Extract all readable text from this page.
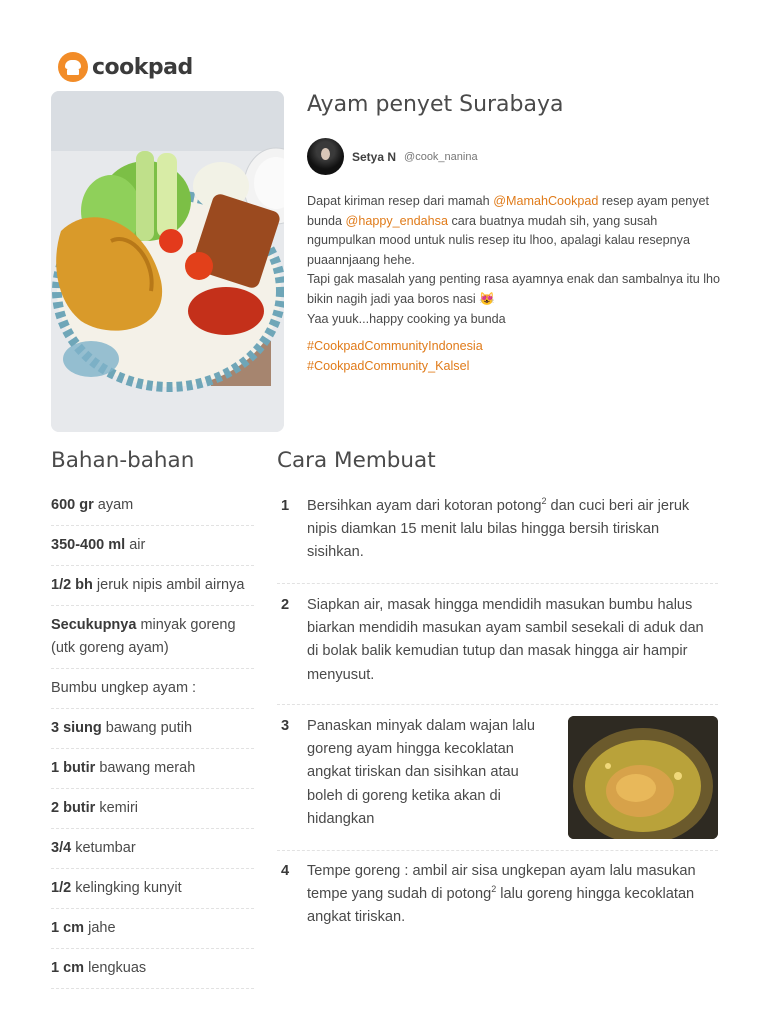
cookpad
Ayam penyet Surabaya
Setya N @cook_nanina

Dapat kiriman resep dari mamah @MamahCookpad resep ayam penyet bunda @happy_endahsa cara buatnya mudah sih, yang susah ngumpulkan mood untuk nulis resep itu lhoo, apalagi kalau resepnya puaannjaang hehe.

Tapi gak masalah yang penting rasa ayamnya enak dan sambalnya itu lho bikin nagih jadi yaa boros nasi 😻

Yaa yuuk...happy cooking ya bunda

#CookpadCommunityIndonesia
#CookpadCommunity_Kalsel
Bahan-bahan
600 gr ayam
350-400 ml air
1/2 bh jeruk nipis ambil airnya
Secukupnya minyak goreng (utk goreng ayam)
Bumbu ungkep ayam :
3 siung bawang putih
1 butir bawang merah
2 butir kemiri
3/4 ketumbar
1/2 kelingking kunyit
1 cm jahe
1 cm lengkuas
Cara Membuat
1 Bersihkan ayam dari kotoran potong$^2$ dan cuci beri air jeruk nipis diamkan 15 menit lalu bilas hingga bersih tiriskan sisihkan.
2 Siapkan air, masak hingga mendidih masukan bumbu halus biarkan mendidih masukan ayam sambil sesekali di aduk dan di bolak balik kemudian tutup dan masak hingga air hampir menyusut.
3 Panaskan minyak dalam wajan lalu goreng ayam hingga kecoklatan angkat tiriskan dan sisihkan atau boleh di goreng ketika akan di hidangkan
4 Tempe goreng : ambil air sisa ungkepan ayam lalu masukan tempe yang sudah di potong$^2$ lalu goreng hingga kecoklatan angkat tiriskan.
